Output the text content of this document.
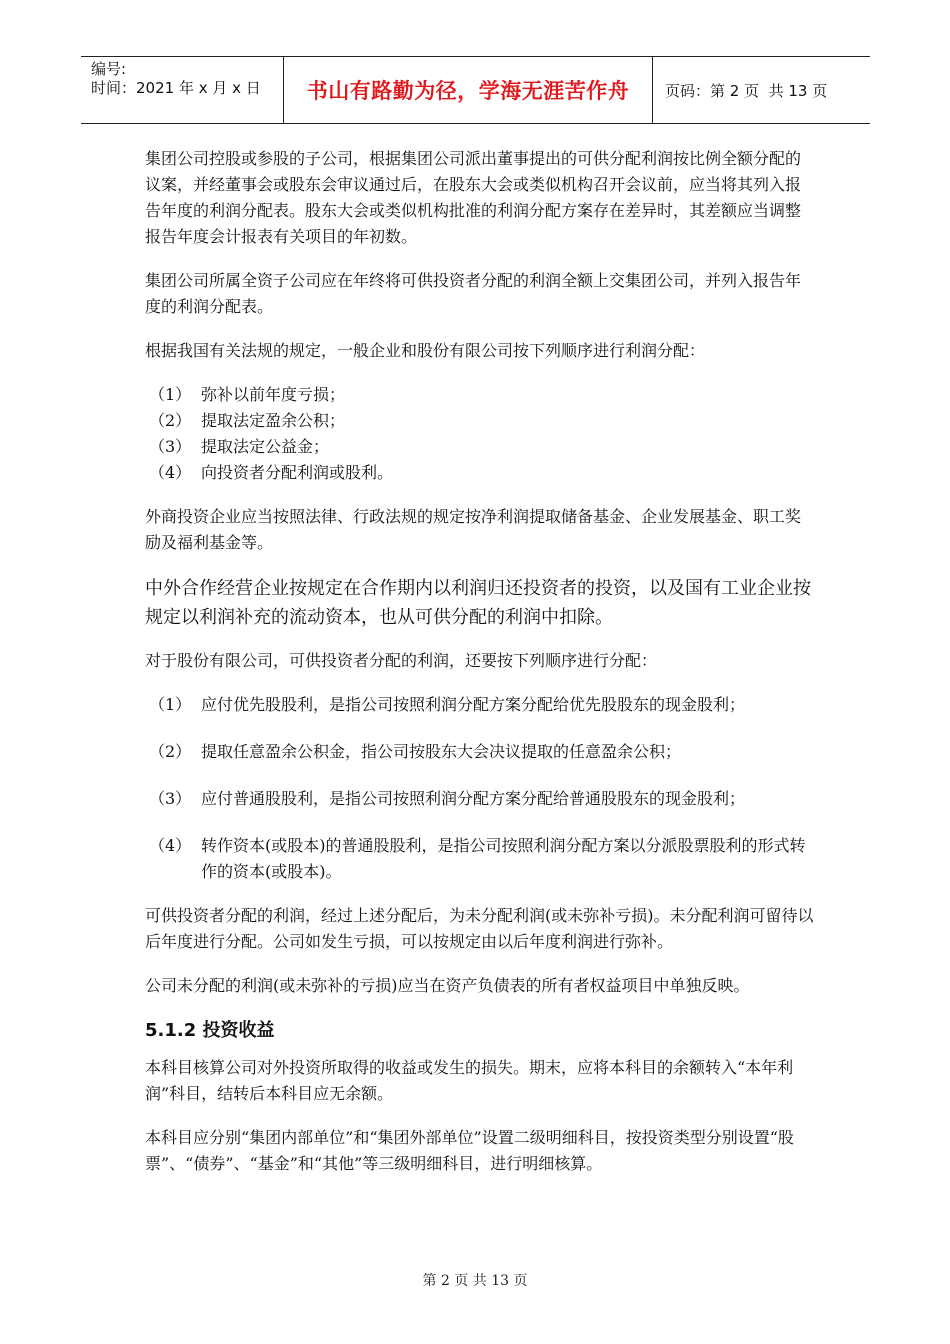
编号:
时间：2021 年 x 月 x 日	书山有路勤为径，学海无涯苦作舟	页码：第 2 页  共 13 页

集团公司控股或参股的子公司，根据集团公司派出董事提出的可供分配利润按比例全额分配的议案，并经董事会或股东会审议通过后，在股东大会或类似机构召开会议前，应当将其列入报告年度的利润分配表。股东大会或类似机构批准的利润分配方案存在差异时，其差额应当调整报告年度会计报表有关项目的年初数。

集团公司所属全资子公司应在年终将可供投资者分配的利润全额上交集团公司，并列入报告年度的利润分配表。

根据我国有关法规的规定，一般企业和股份有限公司按下列顺序进行利润分配：

（1） 弥补以前年度亏损；
（2） 提取法定盈余公积；
（3） 提取法定公益金；
（4） 向投资者分配利润或股利。

外商投资企业应当按照法律、行政法规的规定按净利润提取储备基金、企业发展基金、职工奖励及福利基金等。

中外合作经营企业按规定在合作期内以利润归还投资者的投资，以及国有工业企业按规定以利润补充的流动资本，也从可供分配的利润中扣除。

对于股份有限公司，可供投资者分配的利润，还要按下列顺序进行分配：

（1） 应付优先股股利，是指公司按照利润分配方案分配给优先股股东的现金股利；
（2） 提取任意盈余公积金，指公司按股东大会决议提取的任意盈余公积；
（3） 应付普通股股利，是指公司按照利润分配方案分配给普通股股东的现金股利；
（4） 转作资本(或股本)的普通股股利，是指公司按照利润分配方案以分派股票股利的形式转作的资本(或股本)。

可供投资者分配的利润，经过上述分配后，为未分配利润(或未弥补亏损)。未分配利润可留待以后年度进行分配。公司如发生亏损，可以按规定由以后年度利润进行弥补。

公司未分配的利润(或未弥补的亏损)应当在资产负债表的所有者权益项目中单独反映。

5.1.2 投资收益

本科目核算公司对外投资所取得的收益或发生的损失。期末，应将本科目的余额转入“本年利润”科目，结转后本科目应无余额。

本科目应分别“集团内部单位”和“集团外部单位”设置二级明细科目，按投资类型分别设置“股票”、“债券”、“基金”和“其他”等三级明细科目，进行明细核算。

第 2 页 共 13 页
